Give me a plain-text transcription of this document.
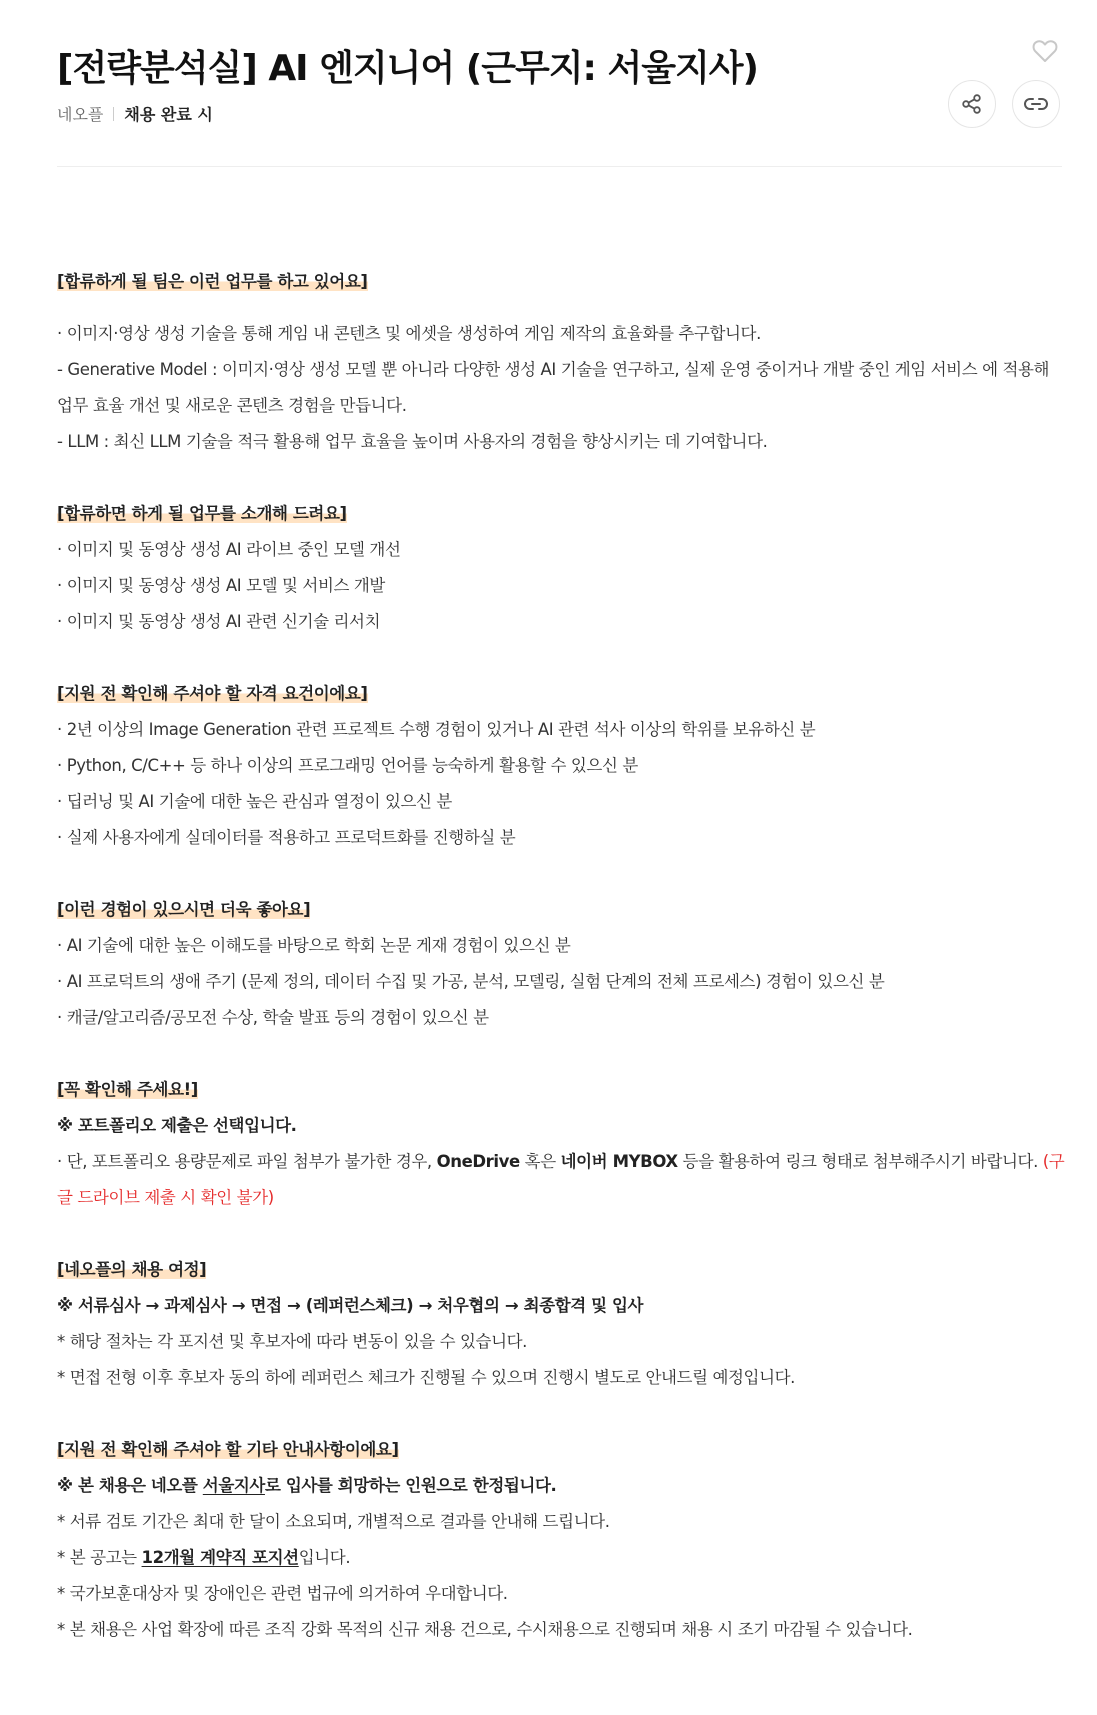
[전략분석실] AI 엔지니어 (근무지: 서울지사)
네오플 채용 완료 시
[합류하게 될 팀은 이런 업무를 하고 있어요]
· 이미지·영상 생성 기술을 통해 게임 내 콘텐츠 및 에셋을 생성하여 게임 제작의 효율화를 추구합니다.
- Generative Model : 이미지·영상 생성 모델 뿐 아니라 다양한 생성 AI 기술을 연구하고, 실제 운영 중이거나 개발 중인 게임 서비스 에 적용해 업무 효율 개선 및 새로운 콘텐츠 경험을 만듭니다.
- LLM : 최신 LLM 기술을 적극 활용해 업무 효율을 높이며 사용자의 경험을 향상시키는 데 기여합니다.
[합류하면 하게 될 업무를 소개해 드려요]
· 이미지 및 동영상 생성 AI 라이브 중인 모델 개선
· 이미지 및 동영상 생성 AI 모델 및 서비스 개발
· 이미지 및 동영상 생성 AI 관련 신기술 리서치
[지원 전 확인해 주셔야 할 자격 요건이에요]
· 2년 이상의 Image Generation 관련 프로젝트 수행 경험이 있거나 AI 관련 석사 이상의 학위를 보유하신 분
· Python, C/C++ 등 하나 이상의 프로그래밍 언어를 능숙하게 활용할 수 있으신 분
· 딥러닝 및 AI 기술에 대한 높은 관심과 열정이 있으신 분
· 실제 사용자에게 실데이터를 적용하고 프로덕트화를 진행하실 분
[이런 경험이 있으시면 더욱 좋아요]
· AI 기술에 대한 높은 이해도를 바탕으로 학회 논문 게재 경험이 있으신 분
· AI 프로덕트의 생애 주기 (문제 정의, 데이터 수집 및 가공, 분석, 모델링, 실험 단계의 전체 프로세스) 경험이 있으신 분
· 캐글/알고리즘/공모전 수상, 학술 발표 등의 경험이 있으신 분
[꼭 확인해 주세요!]
※ 포트폴리오 제출은 선택입니다.
· 단, 포트폴리오 용량문제로 파일 첨부가 불가한 경우, OneDrive 혹은 네이버 MYBOX 등을 활용하여 링크 형태로 첨부해주시기 바랍니다. (구글 드라이브 제출 시 확인 불가)
[네오플의 채용 여정]
※ 서류심사 → 과제심사 → 면접 → (레퍼런스체크) → 처우협의 → 최종합격 및 입사
* 해당 절차는 각 포지션 및 후보자에 따라 변동이 있을 수 있습니다.
* 면접 전형 이후 후보자 동의 하에 레퍼런스 체크가 진행될 수 있으며 진행시 별도로 안내드릴 예정입니다.
[지원 전 확인해 주셔야 할 기타 안내사항이에요]
※ 본 채용은 네오플 서울지사로 입사를 희망하는 인원으로 한정됩니다.
* 서류 검토 기간은 최대 한 달이 소요되며, 개별적으로 결과를 안내해 드립니다.
* 본 공고는 12개월 계약직 포지션입니다.
* 국가보훈대상자 및 장애인은 관련 법규에 의거하여 우대합니다.
* 본 채용은 사업 확장에 따른 조직 강화 목적의 신규 채용 건으로, 수시채용으로 진행되며 채용 시 조기 마감될 수 있습니다.
